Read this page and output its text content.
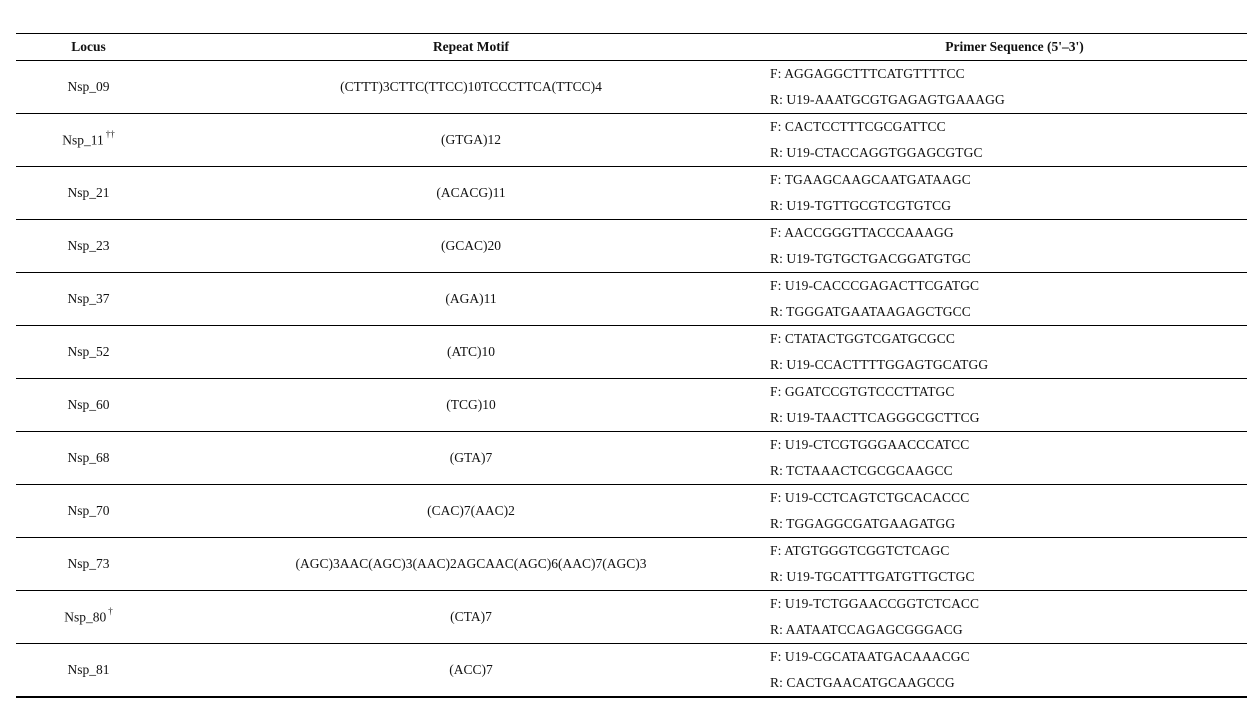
Locus	Repeat Motif	Primer Sequence (5'–3')
Nsp_09	(CTTT)3CTTC(TTCC)10TCCCTTCA(TTCC)4	F: AGGAGGCTTTCATGTTTTCC
		R: U19-AAATGCGTGAGAGTGAAAGG
Nsp_11 ††	(GTGA)12	F: CACTCCTTTCGCGATTCC
		R: U19-CTACCAGGTGGAGCGTGC
Nsp_21	(ACACG)11	F: TGAAGCAAGCAATGATAAGC
		R: U19-TGTTGCGTCGTGTCG
Nsp_23	(GCAC)20	F: AACCGGGTTACCCAAAGG
		R: U19-TGTGCTGACGGATGTGC
Nsp_37	(AGA)11	F: U19-CACCCGAGACTTCGATGC
		R: TGGGATGAATAAGAGCTGCC
Nsp_52	(ATC)10	F: CTATACTGGTCGATGCGCC
		R: U19-CCACTTTTGGAGTGCATGG
Nsp_60	(TCG)10	F: GGATCCGTGTCCCTTATGC
		R: U19-TAACTTCAGGGCGCTTCG
Nsp_68	(GTA)7	F: U19-CTCGTGGGAACCCATCC
		R: TCTAAACTCGCGCAAGCC
Nsp_70	(CAC)7(AAC)2	F: U19-CCTCAGTCTGCACACCC
		R: TGGAGGCGATGAAGATGG
Nsp_73	(AGC)3AAC(AGC)3(AAC)2AGCAAC(AGC)6(AAC)7(AGC)3	F: ATGTGGGTCGGTCTCAGC
		R: U19-TGCATTTGATGTTGCTGC
Nsp_80 †	(CTA)7	F: U19-TCTGGAACCGGTCTCACC
		R: AATAATCCAGAGCGGGACG
Nsp_81	(ACC)7	F: U19-CGCATAATGACAAACGC
		R: CACTGAACATGCAAGCCG
